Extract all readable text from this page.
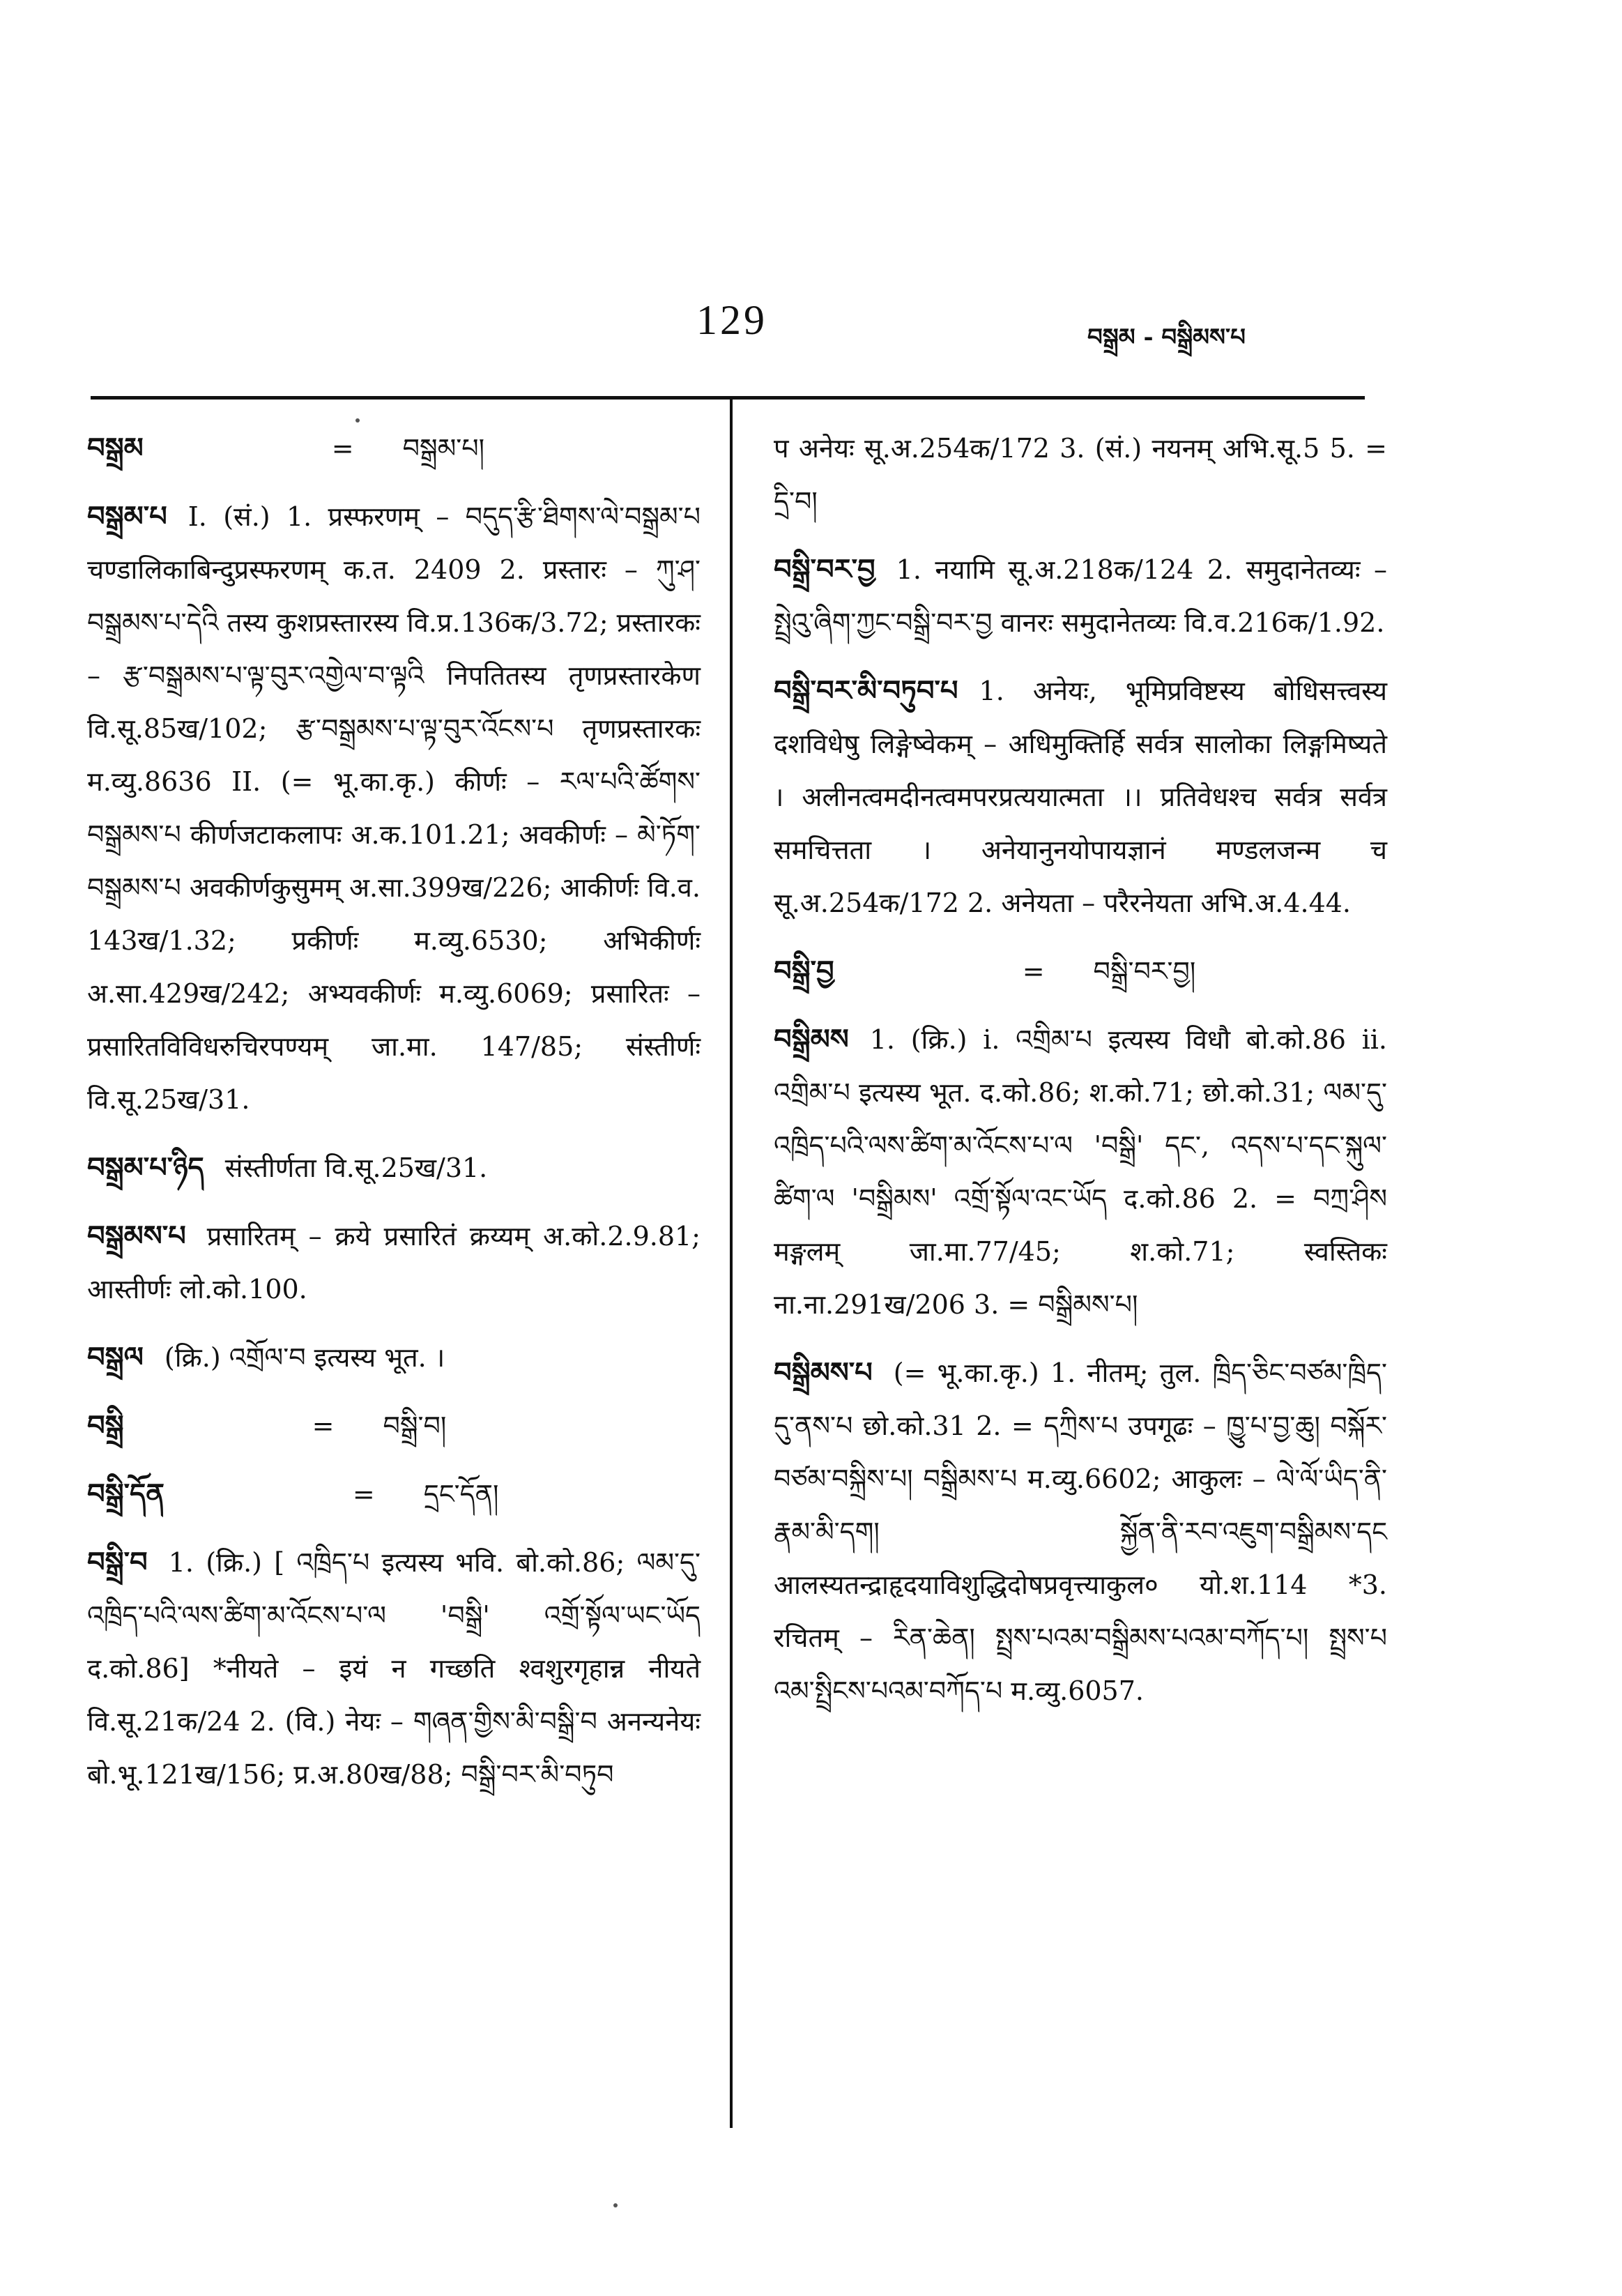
129	བསྒྲམ - བསྒྲིམས་པ
བསྒྲམ	= བསྒྲམ་པ།
བསྒྲམ་པ I. (सं.) 1. प्रस्फरणम् – བདུད་རྩི་ཐིགས་ལེ་བསྒྲམ་པ चण्डालिकाबिन्दुप्रस्फरणम् क.त. 2409 2. प्रस्तारः – ཀུ་ཤ་བསྒྲམས་པ་དེའི तस्य कुशप्रस्तारस्य वि.प्र.136क/3.72; प्रस्तारकः – རྩ་བསྒྲམས་པ་ལྟ་བུར་འགྱེལ་བ་ལྟའི निपतितस्य तृणप्रस्तारकेण वि.सू.85ख/102; རྩ་བསྒྲམས་པ་ལྟ་བུར་འོངས་པ तृणप्रस्तारकः म.व्यु.8636 II. (= भू.का.कृ.) कीर्णः – རལ་པའི་ཚོགས་བསྒྲམས་པ कीर्णजटाकलापः अ.क.101.21; अवकीर्णः – མེ་ཏོག་བསྒྲམས་པ अवकीर्णकुसुमम् अ.सा.399ख/226; आकीर्णः वि.व. 143ख/1.32; प्रकीर्णः म.व्यु.6530; अभिकीर्णः अ.सा.429ख/242; अभ्यवकीर्णः म.व्यु.6069; प्रसारितः – प्रसारितविविधरुचिरपण्यम् जा.मा. 147/85; संस्तीर्णः वि.सू.25ख/31.
བསྒྲམ་པ་ཉིད संस्तीर्णता वि.सू.25ख/31.
བསྒྲམས་པ प्रसारितम् – क्रये प्रसारितं क्रय्यम् अ.को.2.9.81; आस्तीर्णः लो.को.100.
བསྒྲལ (क्रि.) འགྲོལ་བ इत्यस्य भूत. ।
བསྒྲི	= བསྒྲི་བ།
བསྒྲི་དོན	= དྲང་དོན།
བསྒྲི་བ 1. (क्रि.) [ འཁྲིད་པ इत्यस्य भवि. बो.को.86; ལམ་དུ་འཁྲིད་པའི་ལས་ཚིག་མ་འོངས་པ་ལ 'བསྒྲི' འགྲོ་སྟོལ་ཡང་ཡོད द.को.86] *नीयते – इयं न गच्छति श्वशुरगृहान्न नीयते वि.सू.21क/24 2. (वि.) नेयः – གཞན་གྱིས་མི་བསྒྲི་བ अनन्यनेयः बो.भू.121ख/156; प्र.अ.80ख/88; བསྒྲི་བར་མི་བཏུབ
प अनेयः सू.अ.254क/172 3. (सं.) नयनम् अभि.सू.5 5. = དྲི་བ།
བསྒྲི་བར་བྱ 1. नयामि सू.अ.218क/124 2. समुदानेतव्यः – སྤྲེའུ་ཞིག་ཀྱང་བསྒྲི་བར་བྱ वानरः समुदानेतव्यः वि.व.216क/1.92.
བསྒྲི་བར་མི་བཏུབ་པ 1. अनेयः, भूमिप्रविष्टस्य बोधिसत्त्वस्य दशविधेषु लिङ्गेष्वेकम् – अधिमुक्तिर्हि सर्वत्र सालोका लिङ्गमिष्यते । अलीनत्वमदीनत्वमपरप्रत्ययात्मता ।। प्रतिवेधश्च सर्वत्र सर्वत्र समचित्तता । अनेयानुनयोपायज्ञानं मण्डलजन्म च सू.अ.254क/172 2. अनेयता – परैरनेयता अभि.अ.4.44.
བསྒྲི་བྱ	= བསྒྲི་བར་བྱ།
བསྒྲིམས 1. (क्रि.) i. འགྲིམ་པ इत्यस्य विधौ बो.को.86 ii. འགྲིམ་པ इत्यस्य भूत. द.को.86; श.को.71; छो.को.31; ལམ་དུ་འཁྲིད་པའི་ལས་ཚིག་མ་འོངས་པ་ལ 'བསྒྲི' དང་, འདས་པ་དང་སྐུལ་ཚིག་ལ 'བསྒྲིམས' འགྲོ་སྟོལ་འང་ཡོད द.को.86 2. = བཀྲ་ཤིས मङ्गलम् जा.मा.77/45; श.को.71; स्वस्तिकः ना.ना.291ख/206 3. = བསྒྲིམས་པ།
བསྒྲིམས་པ (= भू.का.कृ.) 1. नीतम्; तुल. ཁྲིད་ཅིང་བཙམ་ཁྲིད་དུ་ནས་པ छो.को.31 2. = དཀྲིས་པ उपगूढः – ཁྱུ་པ་བྱ་ཆུ། བསྐོར་བཙམ་བསྐྲིས་པ། བསྒྲིམས་པ म.व्यु.6602; आकुलः – ལེ་ལོ་ཡིད་ནི་རྣམ་མི་དག། སྐྱོན་ནི་རབ་འཇུག་བསྒྲིམས་དང आलस्यतन्द्राहृदयाविशुद्धिदोषप्रवृत्त्याकुल० यो.श.114 *3. रचितम् – རིན་ཆེན། སྤྲས་པའམ་བསྒྲིམས་པའམ་བཀོད་པ། སྤྲས་པ འམ་སྤྲིངས་པའམ་བཀོད་པ म.व्यु.6057.
